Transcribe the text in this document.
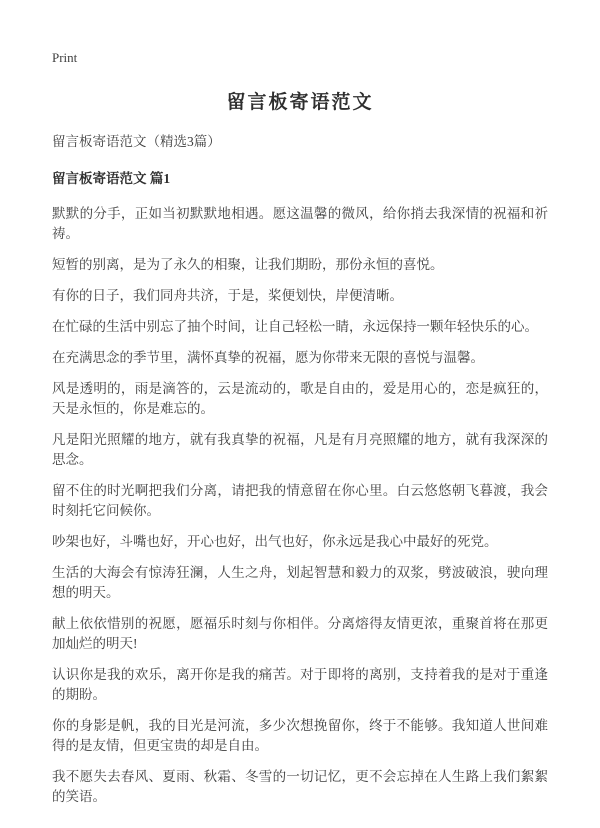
Print
留言板寄语范文

留言板寄语范文（精选3篇）

留言板寄语范文 篇1

默默的分手，正如当初默默地相遇。愿这温馨的微风，给你捎去我深情的祝福和祈祷。

短暂的别离，是为了永久的相聚，让我们期盼，那份永恒的喜悦。

有你的日子，我们同舟共济，于是，桨便划快，岸便清晰。

在忙碌的生活中别忘了抽个时间，让自己轻松一睛，永远保持一颗年轻快乐的心。

在充满思念的季节里，满怀真挚的祝福，愿为你带来无限的喜悦与温馨。

风是透明的，雨是滴答的，云是流动的，歌是自由的，爱是用心的，恋是疯狂的，天是永恒的，你是难忘的。

凡是阳光照耀的地方，就有我真挚的祝福，凡是有月亮照耀的地方，就有我深深的思念。

留不住的时光啊把我们分离，请把我的情意留在你心里。白云悠悠朝飞暮渡，我会时刻托它问候你。

吵架也好，斗嘴也好，开心也好，出气也好，你永远是我心中最好的死党。

生活的大海会有惊涛狂澜，人生之舟，划起智慧和毅力的双浆，劈波破浪，驶向理想的明天。

献上依依惜别的祝愿，愿福乐时刻与你相伴。分离熔得友情更浓，重聚首将在那更加灿烂的明天!

认识你是我的欢乐，离开你是我的痛苦。对于即将的离别，支持着我的是对于重逢的期盼。

你的身影是帆，我的目光是河流，多少次想挽留你，终于不能够。我知道人世间难得的是友情，但更宝贵的却是自由。

我不愿失去春风、夏雨、秋霜、冬雪的一切记忆，更不会忘掉在人生路上我们絮絮的笑语。
